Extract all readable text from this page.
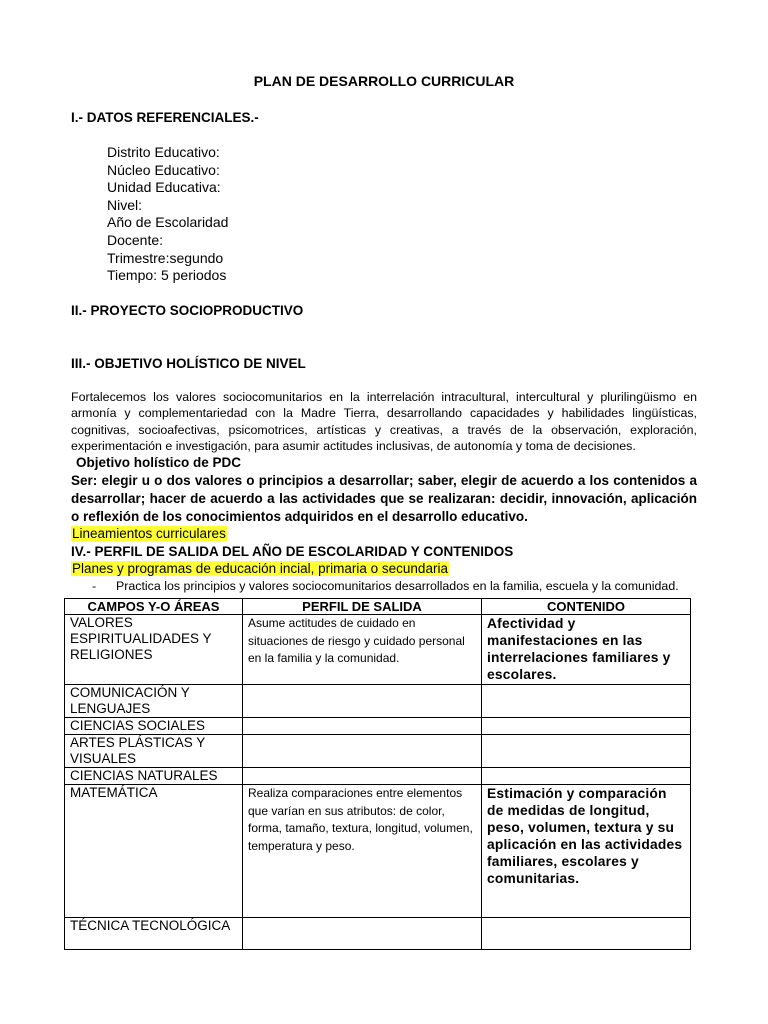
PLAN DE DESARROLLO CURRICULAR
I.- DATOS REFERENCIALES.-
Distrito Educativo:
Núcleo Educativo:
Unidad Educativa:
Nivel:
Año de Escolaridad
Docente:
Trimestre:segundo
Tiempo: 5 periodos
II.- PROYECTO SOCIOPRODUCTIVO
III.- OBJETIVO HOLÍSTICO DE NIVEL
Fortalecemos los valores sociocomunitarios en la interrelación intracultural, intercultural y plurilingüismo en armonía y complementariedad con la Madre Tierra, desarrollando capacidades y habilidades lingüísticas, cognitivas, socioafectivas, psicomotrices, artísticas y creativas, a través de la observación, exploración, experimentación e investigación, para asumir actitudes inclusivas, de autonomía y toma de decisiones.
Objetivo holístico de PDC
Ser: elegir u o dos valores o principios a desarrollar; saber, elegir de acuerdo a los contenidos a desarrollar; hacer de acuerdo a las actividades que se realizaran: decidir, innovación, aplicación o reflexión de los conocimientos adquiridos en el desarrollo educativo.
Lineamientos curriculares
IV.- PERFIL DE SALIDA DEL AÑO DE ESCOLARIDAD Y CONTENIDOS
Planes y programas de educación incial, primaria o secundaria
- Practica los principios y valores sociocomunitarios desarrollados en la familia, escuela y la comunidad.
CAMPOS Y-O ÁREAS	PERFIL DE SALIDA	CONTENIDO
VALORES ESPIRITUALIDADES Y RELIGIONES	Asume actitudes de cuidado en situaciones de riesgo y cuidado personal en la familia y la comunidad.	Afectividad y manifestaciones en las interrelaciones familiares y escolares.
COMUNICACIÓN Y LENGUAJES		
CIENCIAS SOCIALES		
ARTES PLÁSTICAS Y VISUALES		
CIENCIAS NATURALES		
MATEMÁTICA	Realiza comparaciones entre elementos que varían en sus atributos: de color, forma, tamaño, textura, longitud, volumen, temperatura y peso.	Estimación y comparación de medidas de longitud, peso, volumen, textura y su aplicación en las actividades familiares, escolares y comunitarias.
TÉCNICA TECNOLÓGICA		
